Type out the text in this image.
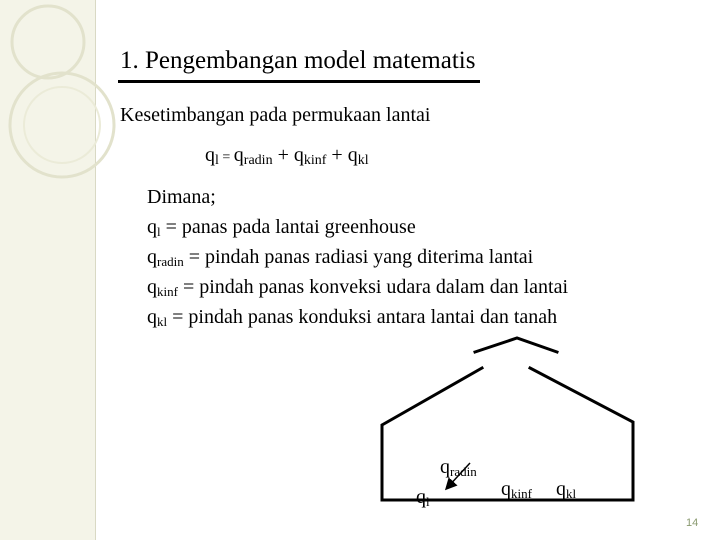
1. Pengembangan model matematis
Kesetimbangan pada permukaan lantai
$q_l = q_{radin} + q_{kinf} + q_{kl}$
Dimana;
$q_l$ = panas pada lantai greenhouse
$q_{radin}$ = pindah panas radiasi yang diterima lantai
$q_{kinf}$ = pindah panas konveksi udara dalam dan lantai
$q_{kl}$ = pindah panas konduksi antara lantai dan tanah
$q_{radin}$
$q_l$
$q_{kinf}$ $q_{kl}$
14
